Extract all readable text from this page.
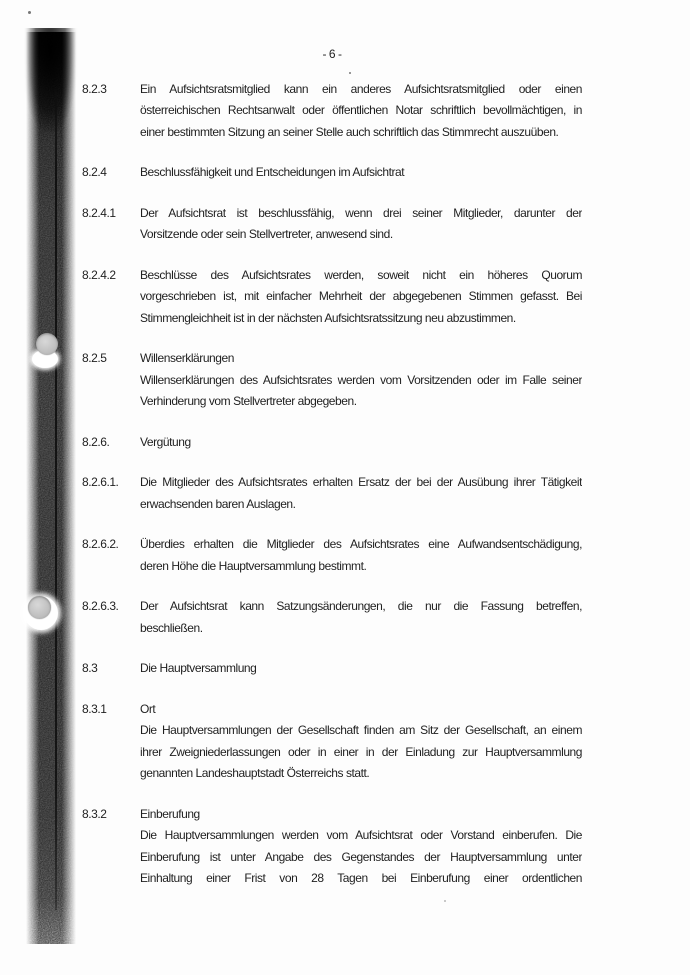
- 6 -
8.2.3	Ein Aufsichtsratsmitglied kann ein anderes Aufsichtsratsmitglied oder einen
österreichischen Rechtsanwalt oder öffentlichen Notar schriftlich bevollmächtigen, in
einer bestimmten Sitzung an seiner Stelle auch schriftlich das Stimmrecht auszuüben.
8.2.4	Beschlussfähigkeit und Entscheidungen im Aufsichtrat
8.2.4.1	Der Aufsichtsrat ist beschlussfähig, wenn drei seiner Mitglieder, darunter der
Vorsitzende oder sein Stellvertreter, anwesend sind.
8.2.4.2	Beschlüsse des Aufsichtsrates werden, soweit nicht ein höheres Quorum
vorgeschrieben ist, mit einfacher Mehrheit der abgegebenen Stimmen gefasst. Bei
Stimmengleichheit ist in der nächsten Aufsichtsratssitzung neu abzustimmen.
8.2.5	Willenserklärungen
Willenserklärungen des Aufsichtsrates werden vom Vorsitzenden oder im Falle seiner
Verhinderung vom Stellvertreter abgegeben.
8.2.6.	Vergütung
8.2.6.1.	Die Mitglieder des Aufsichtsrates erhalten Ersatz der bei der Ausübung ihrer Tätigkeit
erwachsenden baren Auslagen.
8.2.6.2.	Überdies erhalten die Mitglieder des Aufsichtsrates eine Aufwandsentschädigung,
deren Höhe die Hauptversammlung bestimmt.
8.2.6.3.	Der Aufsichtsrat kann Satzungsänderungen, die nur die Fassung betreffen,
beschließen.
8.3	Die Hauptversammlung
8.3.1	Ort
Die Hauptversammlungen der Gesellschaft finden am Sitz der Gesellschaft, an einem
ihrer Zweigniederlassungen oder in einer in der Einladung zur Hauptversammlung
genannten Landeshauptstadt Österreichs statt.
8.3.2	Einberufung
Die Hauptversammlungen werden vom Aufsichtsrat oder Vorstand einberufen. Die
Einberufung ist unter Angabe des Gegenstandes der Hauptversammlung unter
Einhaltung einer Frist von 28 Tagen bei Einberufung einer ordentlichen
